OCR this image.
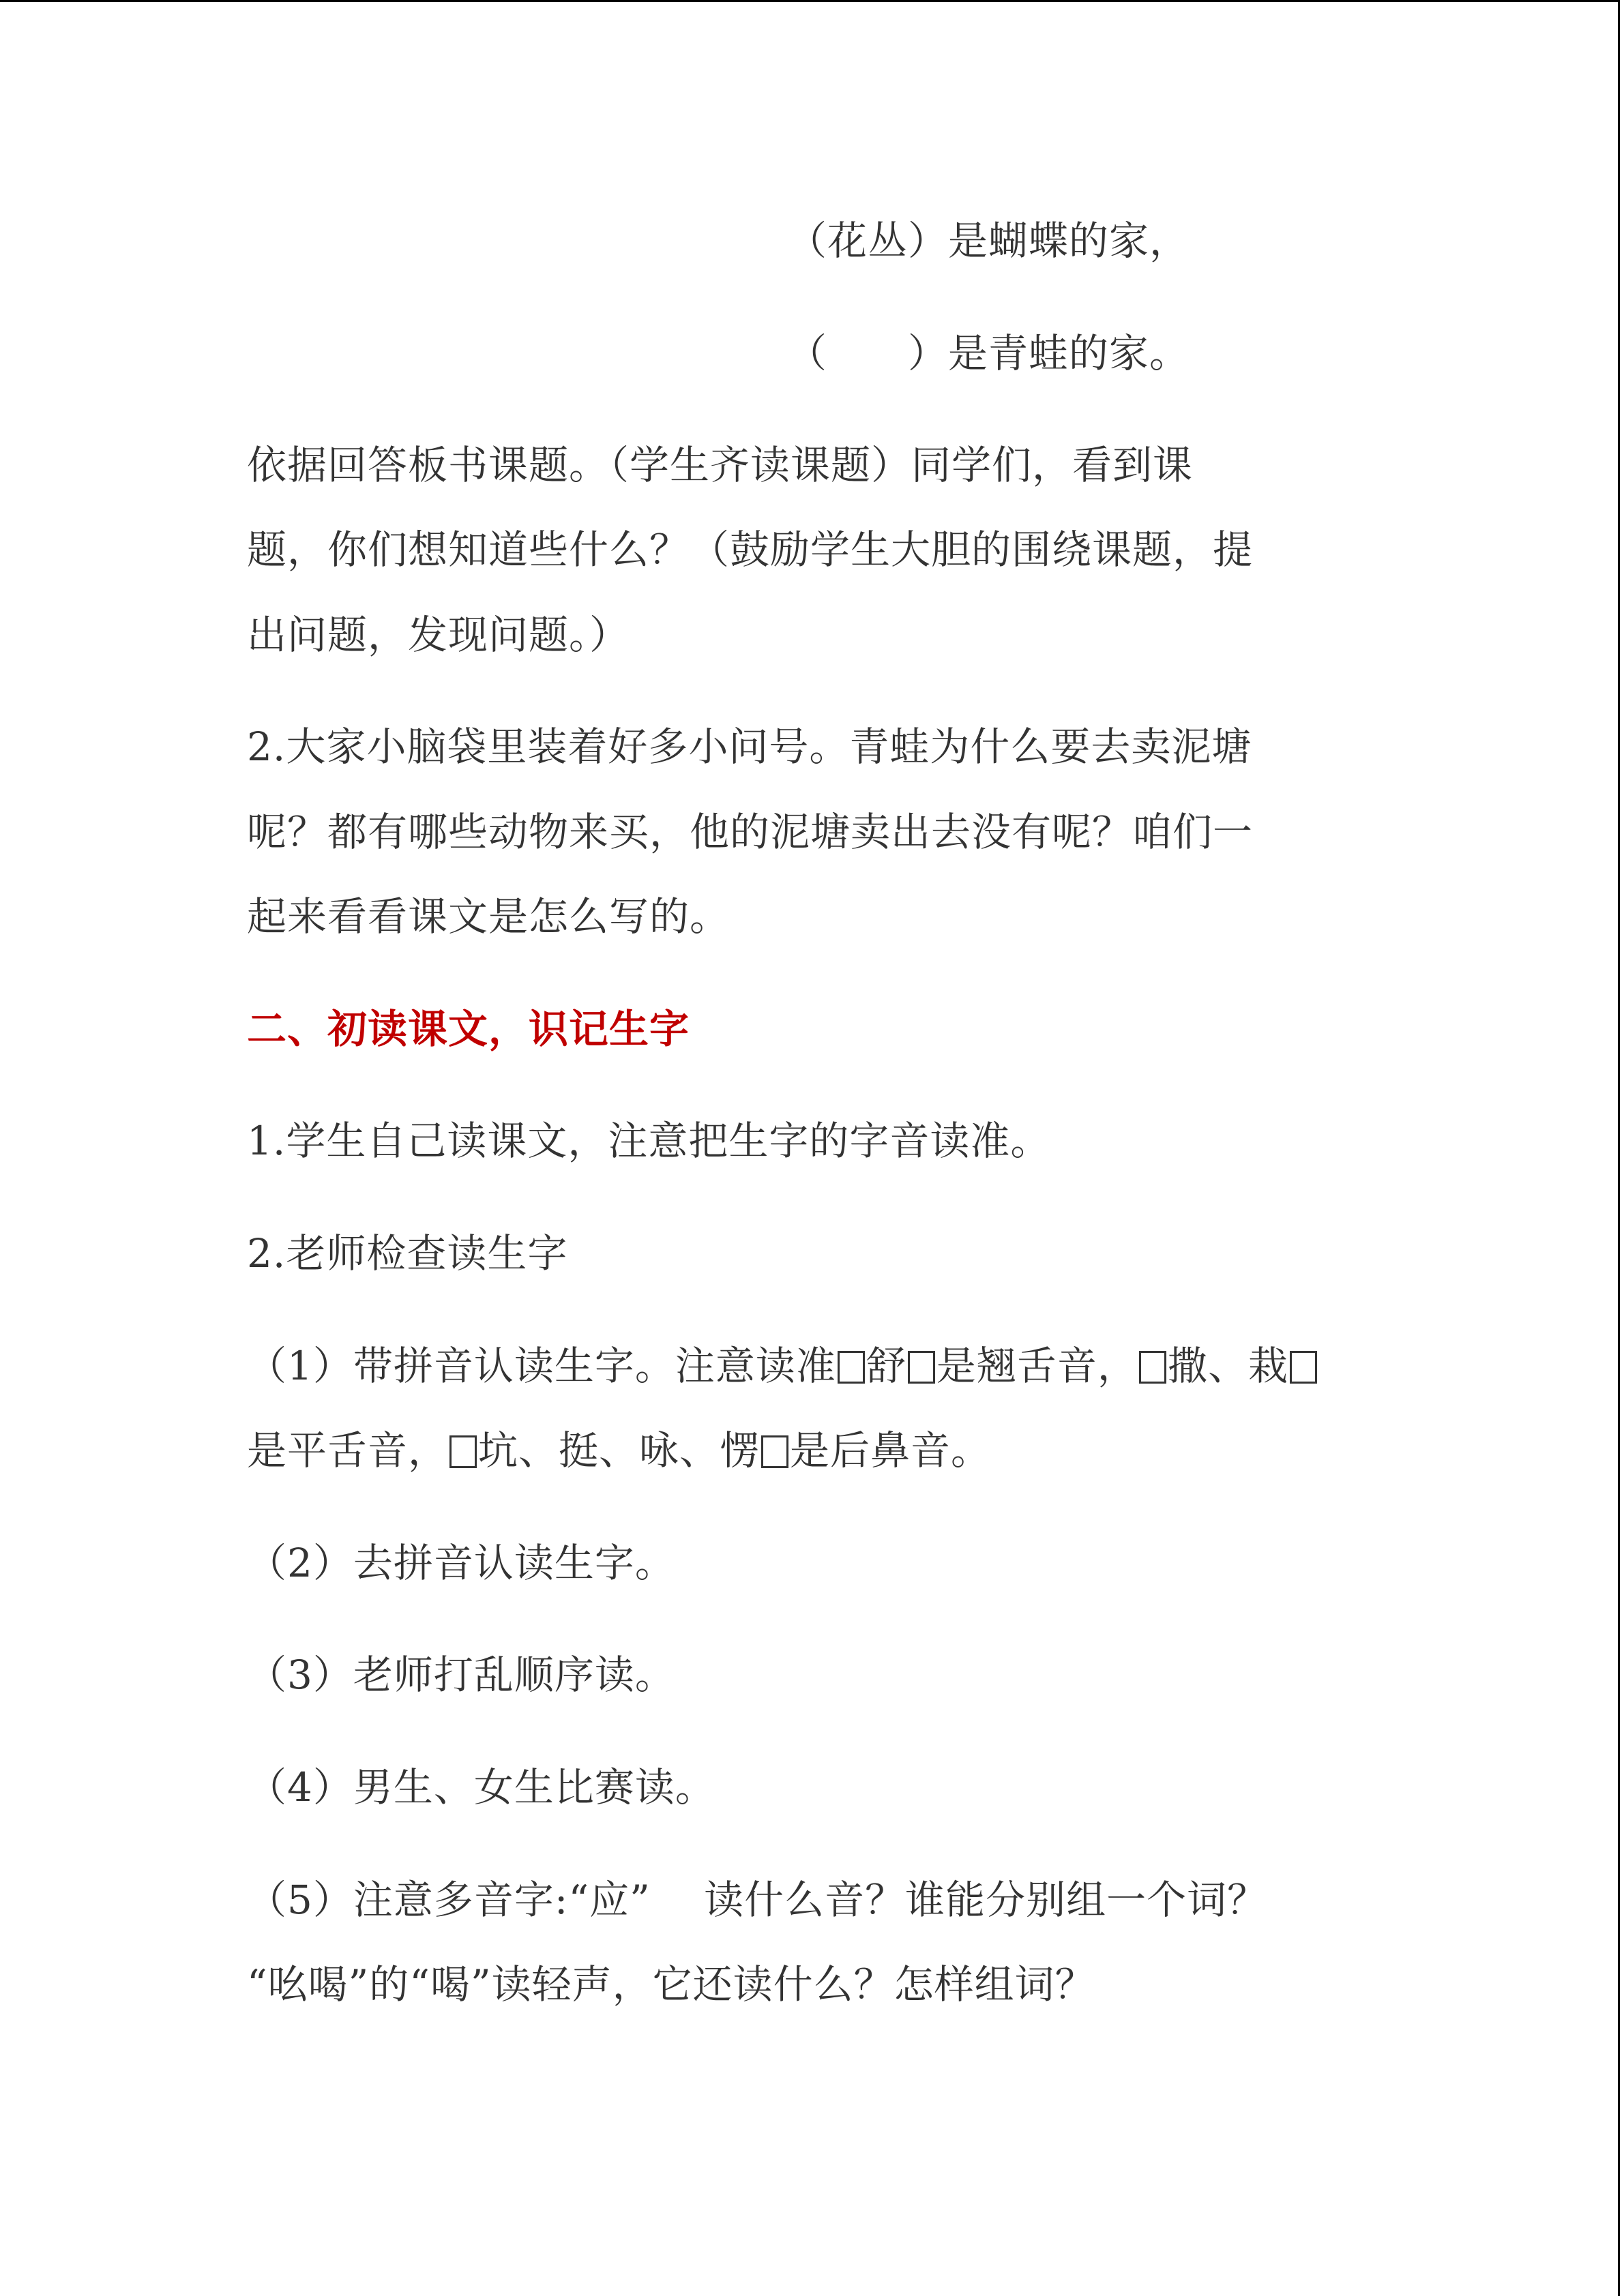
（花丛）是蝴蝶的家，
（　　）是青蛙的家。
依据回答板书课题。（学生齐读课题）同学们，看到课
题，你们想知道些什么？（鼓励学生大胆的围绕课题，提
出问题，发现问题。）
2.大家小脑袋里装着好多小问号。青蛙为什么要去卖泥塘
呢？都有哪些动物来买，他的泥塘卖出去没有呢？咱们一
起来看看课文是怎么写的。
二、初读课文，识记生字
1.学生自己读课文，注意把生字的字音读准。
2.老师检查读生字
（1）带拼音认读生字。注意读准 舒 是翘舌音， 撒、栽
是平舌音， 坑、挺、咏、愣 是后鼻音。
（2）去拼音认读生字。
（3）老师打乱顺序读。
（4）男生、女生比赛读。
（5）注意多音字:“应”　 读什么音？谁能分别组一个词？
“吆喝”的“喝”读轻声，它还读什么？怎样组词？
